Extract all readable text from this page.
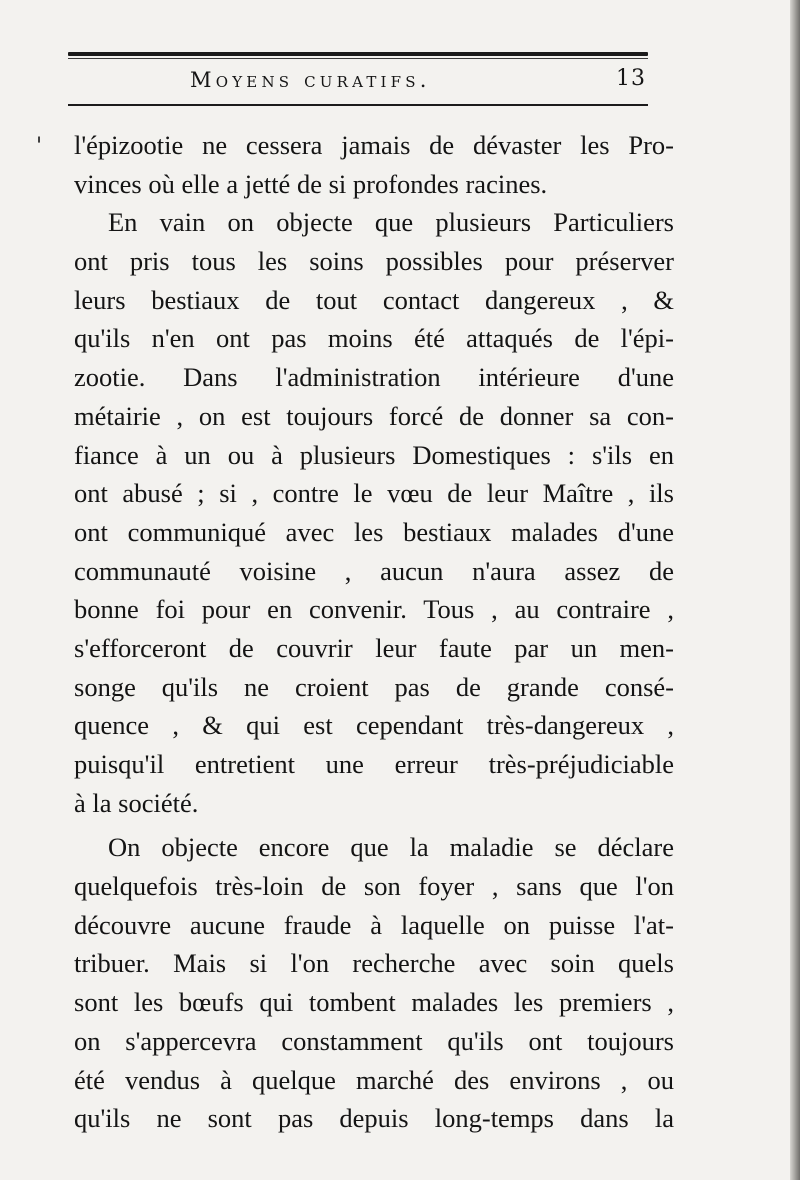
Moyens curatifs.	13
' l'épizootie ne cessera jamais de dévaster les Pro-
vinces où elle a jetté de si profondes racines.
En vain on objecte que plusieurs Particuliers
ont pris tous les soins possibles pour préserver
leurs bestiaux de tout contact dangereux , &
qu'ils n'en ont pas moins été attaqués de l'épi-
zootie. Dans l'administration intérieure d'une
métairie , on est toujours forcé de donner sa con-
fiance à un ou à plusieurs Domestiques : s'ils en
ont abusé ; si , contre le vœu de leur Maître , ils
ont communiqué avec les bestiaux malades d'une
communauté voisine , aucun n'aura assez de
bonne foi pour en convenir. Tous , au contraire ,
s'efforceront de couvrir leur faute par un men-
songe qu'ils ne croient pas de grande consé-
quence , & qui est cependant très-dangereux ,
puisqu'il entretient une erreur très-préjudiciable
à la société.
On objecte encore que la maladie se déclare
quelquefois très-loin de son foyer , sans que l'on
découvre aucune fraude à laquelle on puisse l'at-
tribuer. Mais si l'on recherche avec soin quels
sont les bœufs qui tombent malades les premiers ,
on s'appercevra constamment qu'ils ont toujours
été vendus à quelque marché des environs , ou
qu'ils ne sont pas depuis long-temps dans la
